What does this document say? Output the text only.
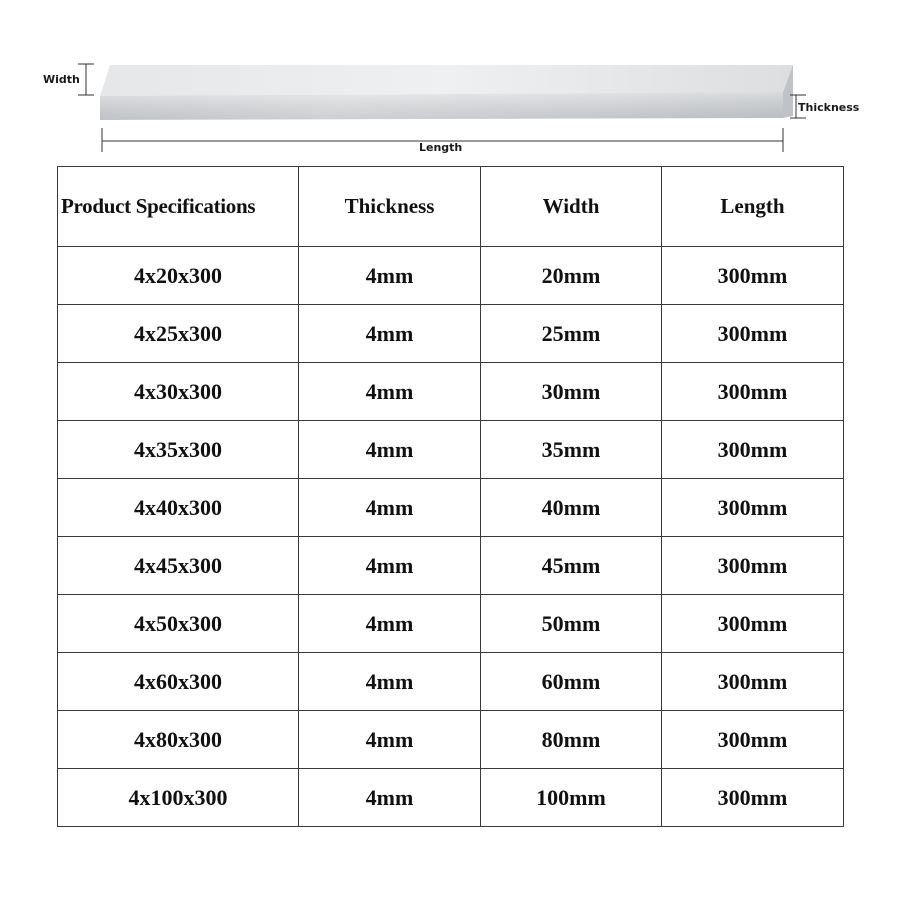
Width
Thickness
Length
Product Specifications	Thickness	Width	Length
4x20x300	4mm	20mm	300mm
4x25x300	4mm	25mm	300mm
4x30x300	4mm	30mm	300mm
4x35x300	4mm	35mm	300mm
4x40x300	4mm	40mm	300mm
4x45x300	4mm	45mm	300mm
4x50x300	4mm	50mm	300mm
4x60x300	4mm	60mm	300mm
4x80x300	4mm	80mm	300mm
4x100x300	4mm	100mm	300mm
